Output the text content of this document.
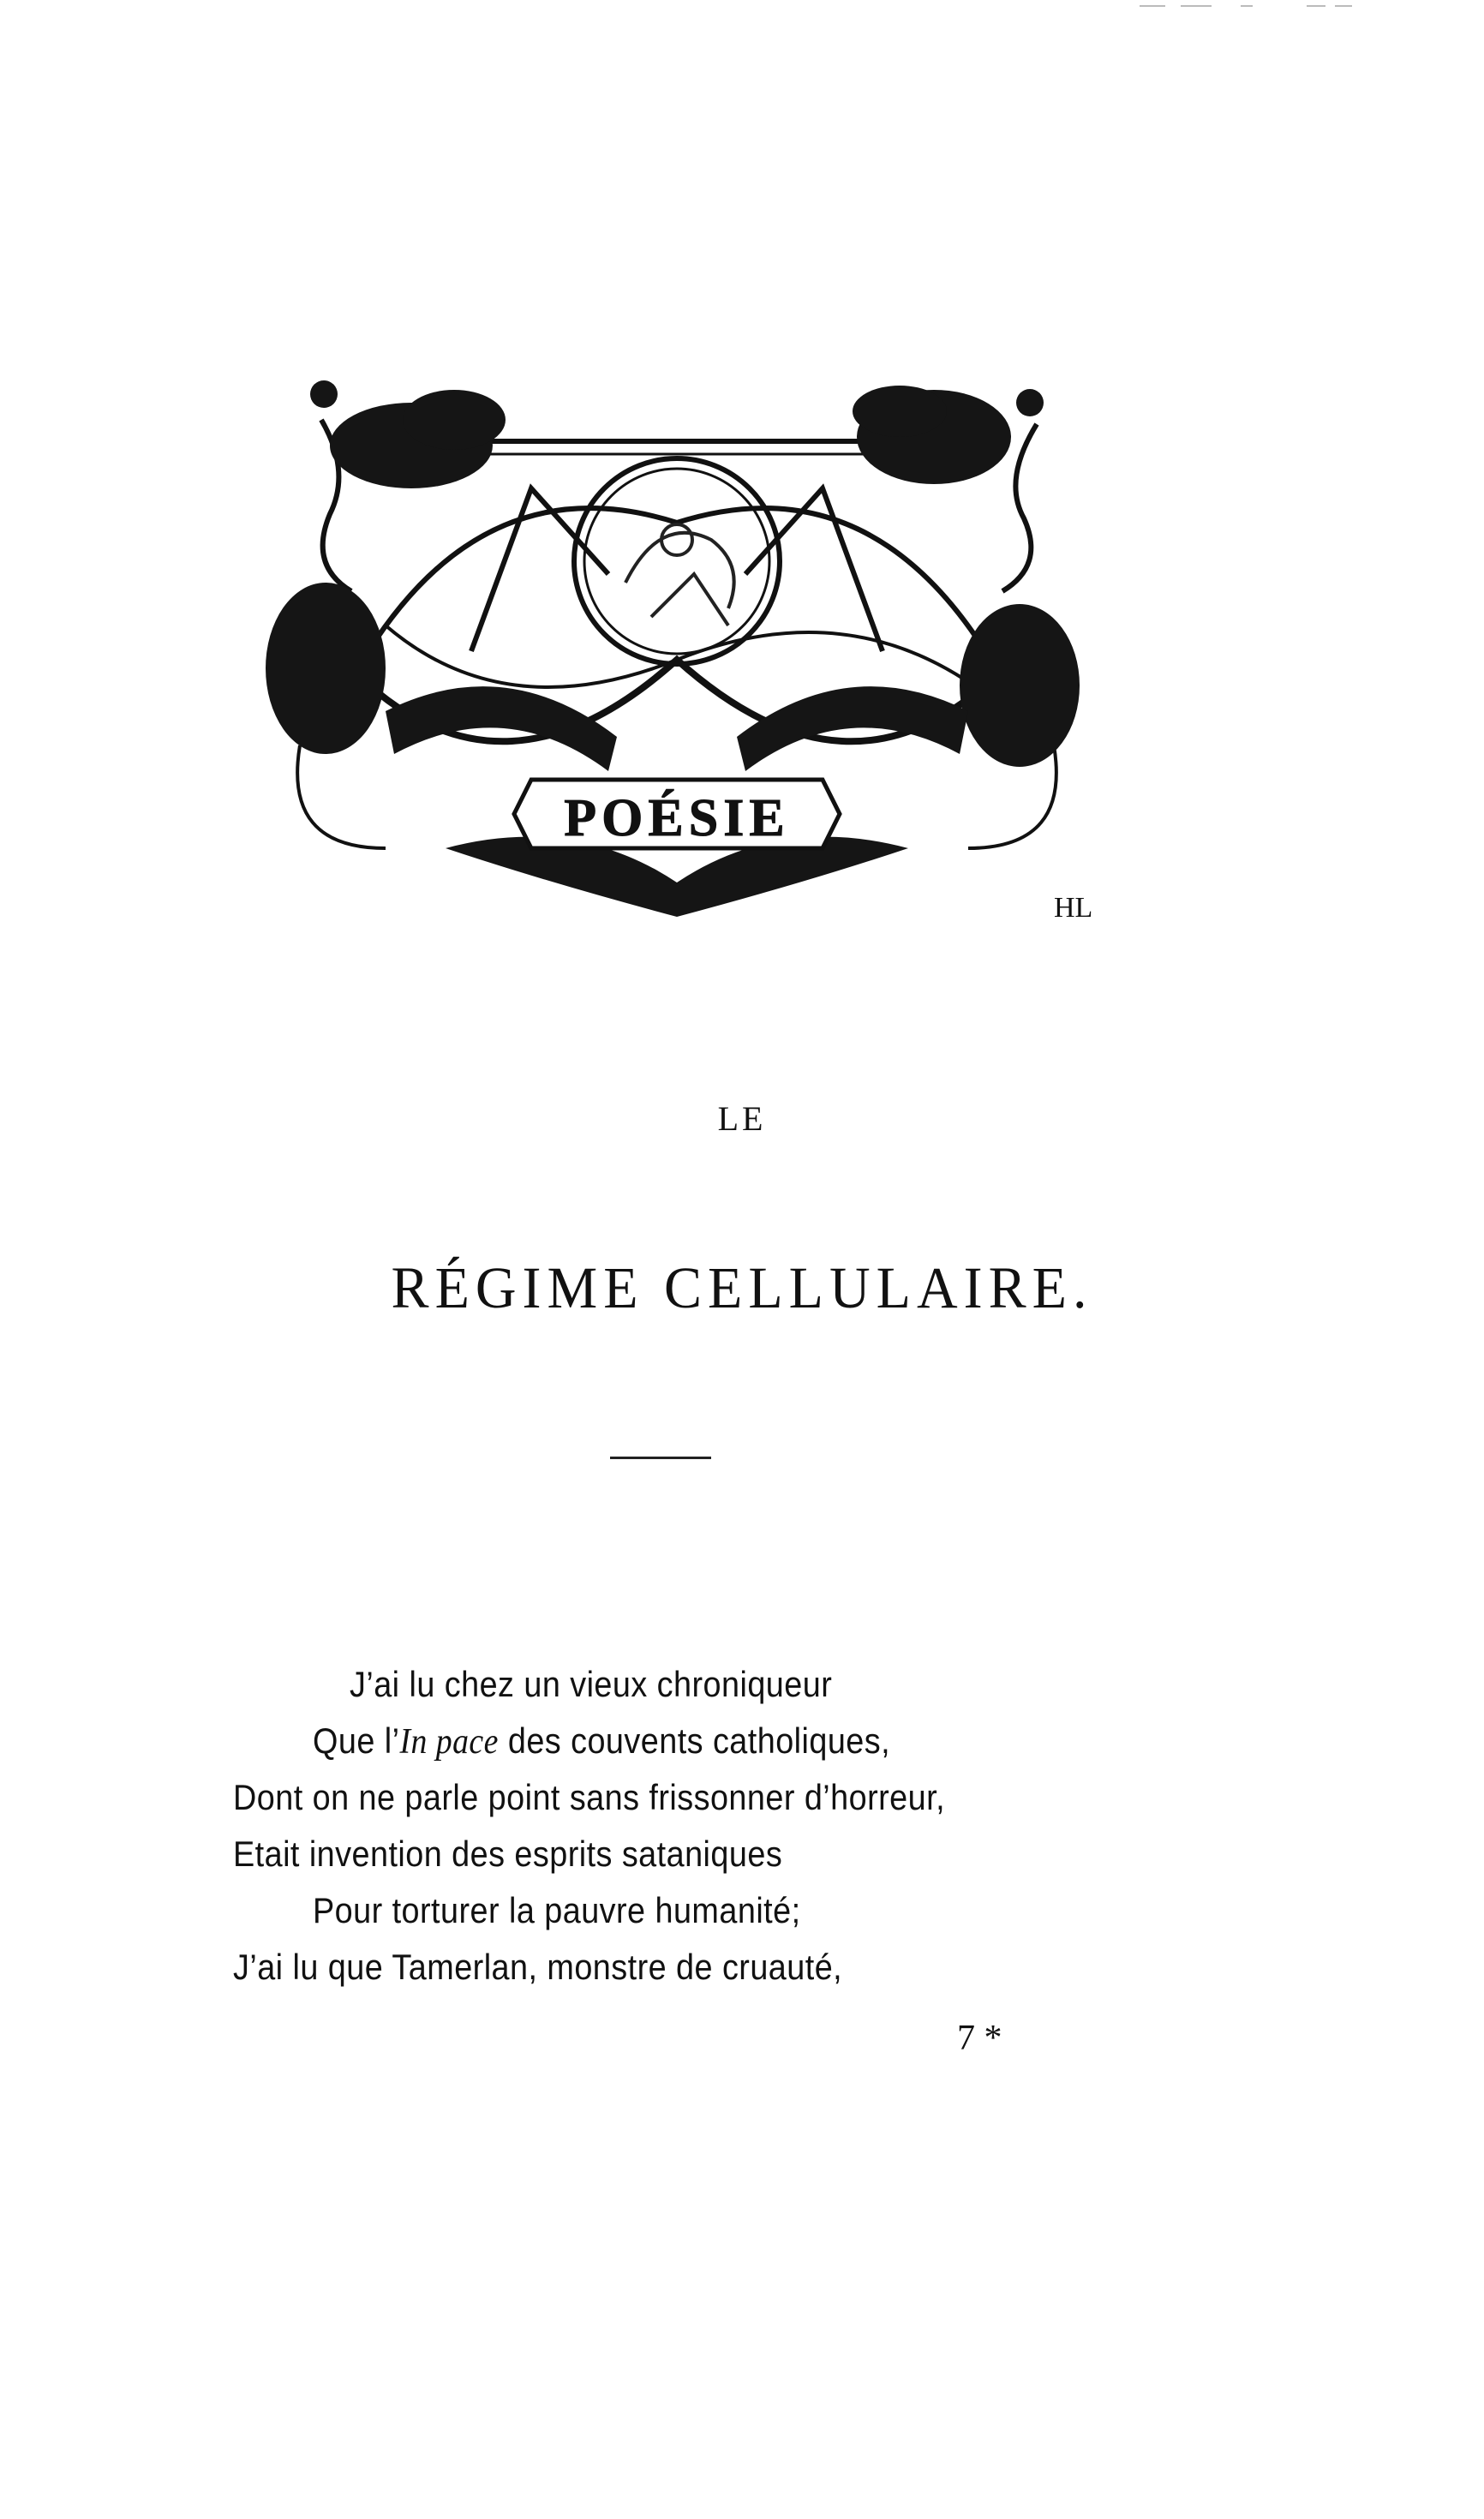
POÉSIE
HL
LE
RÉGIME CELLULAIRE.
J’ai lu chez un vieux chroniqueur
Que l’In pace des couvents catholiques,
Dont on ne parle point sans frissonner d’horreur,
Etait invention des esprits sataniques
Pour torturer la pauvre humanité;
J’ai lu que Tamerlan, monstre de cruauté,
7 *
